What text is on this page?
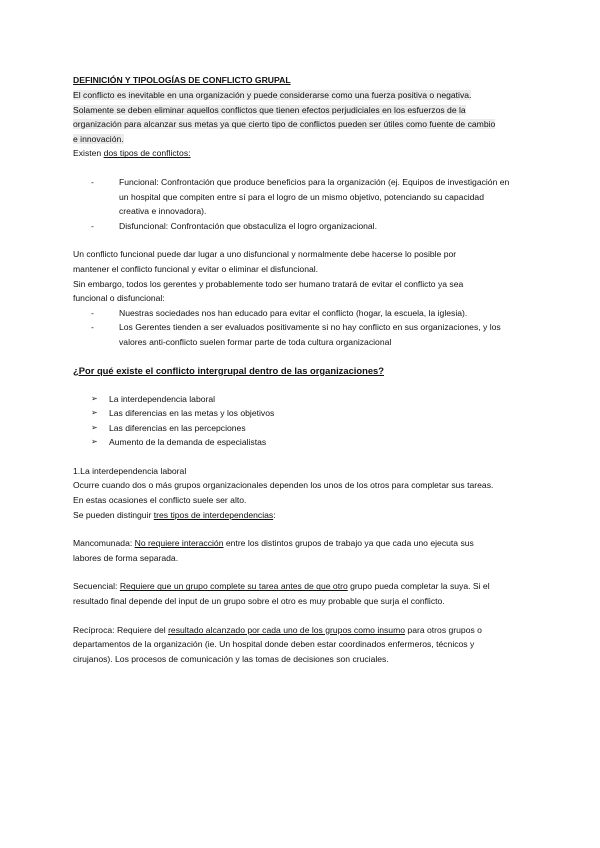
DEFINICIÓN Y TIPOLOGÍAS DE CONFLICTO GRUPAL

El conflicto es inevitable en una organización y puede considerarse como una fuerza positiva o negativa.

Solamente se deben eliminar aquellos conflictos que tienen efectos perjudiciales en los esfuerzos de la

organización para alcanzar sus metas ya que cierto tipo de conflictos pueden ser útiles como fuente de cambio

e innovación.

Existen dos tipos de conflictos:

-	Funcional: Confrontación que produce beneficios para la organización (ej. Equipos de investigación en
un hospital que compiten entre sí para el logro de un mismo objetivo, potenciando su capacidad
creativa e innovadora).
-	Disfuncional: Confrontación que obstaculiza el logro organizacional.

Un conflicto funcional puede dar lugar a uno disfuncional y normalmente debe hacerse lo posible por

mantener el conflicto funcional y evitar o eliminar el disfuncional.

Sin embargo, todos los gerentes y probablemente todo ser humano tratará de evitar el conflicto ya sea

funcional o disfuncional:

-	Nuestras sociedades nos han educado para evitar el conflicto (hogar, la escuela, la iglesia).
-	Los Gerentes tienden a ser evaluados positivamente si no hay conflicto en sus organizaciones, y los
valores anti-conflicto suelen formar parte de toda cultura organizacional

¿Por qué existe el conflicto intergrupal dentro de las organizaciones?

➢ La interdependencia laboral
➢ Las diferencias en las metas y los objetivos
➢ Las diferencias en las percepciones
➢ Aumento de la demanda de especialistas

1.La interdependencia laboral

Ocurre cuando dos o más grupos organizacionales dependen los unos de los otros para completar sus tareas.

En estas ocasiones el conflicto suele ser alto.

Se pueden distinguir tres tipos de interdependencias:

Mancomunada: No requiere interacción entre los distintos grupos de trabajo ya que cada uno ejecuta sus

labores de forma separada.

Secuencial: Requiere que un grupo complete su tarea antes de que otro grupo pueda completar la suya. Si el

resultado final depende del input de un grupo sobre el otro es muy probable que surja el conflicto.

Recíproca: Requiere del resultado alcanzado por cada uno de los grupos como insumo para otros grupos o

departamentos de la organización (ie. Un hospital donde deben estar coordinados enfermeros, técnicos y

cirujanos). Los procesos de comunicación y las tomas de decisiones son cruciales.
